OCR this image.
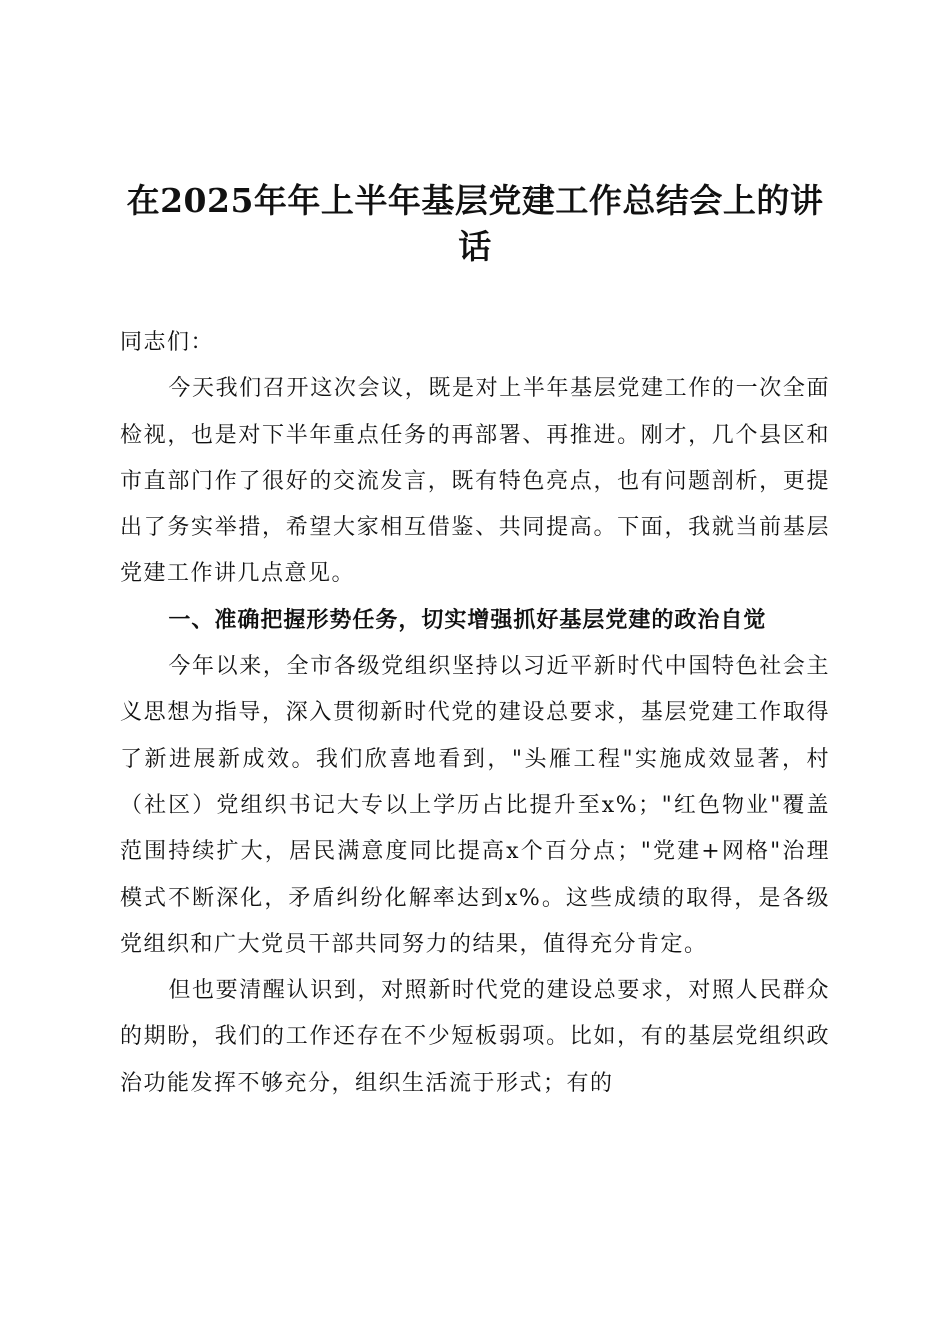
在2025年年上半年基层党建工作总结会上的讲话

同志们：

今天我们召开这次会议，既是对上半年基层党建工作的一次全面检视，也是对下半年重点任务的再部署、再推进。刚才，几个县区和市直部门作了很好的交流发言，既有特色亮点，也有问题剖析，更提出了务实举措，希望大家相互借鉴、共同提高。下面，我就当前基层党建工作讲几点意见。

一、准确把握形势任务，切实增强抓好基层党建的政治自觉

今年以来，全市各级党组织坚持以习近平新时代中国特色社会主义思想为指导，深入贯彻新时代党的建设总要求，基层党建工作取得了新进展新成效。我们欣喜地看到，"头雁工程"实施成效显著，村（社区）党组织书记大专以上学历占比提升至x%；"红色物业"覆盖范围持续扩大，居民满意度同比提高x个百分点；"党建+网格"治理模式不断深化，矛盾纠纷化解率达到x%。这些成绩的取得，是各级党组织和广大党员干部共同努力的结果，值得充分肯定。

但也要清醒认识到，对照新时代党的建设总要求，对照人民群众的期盼，我们的工作还存在不少短板弱项。比如，有的基层党组织政治功能发挥不够充分，组织生活流于形式；有的
